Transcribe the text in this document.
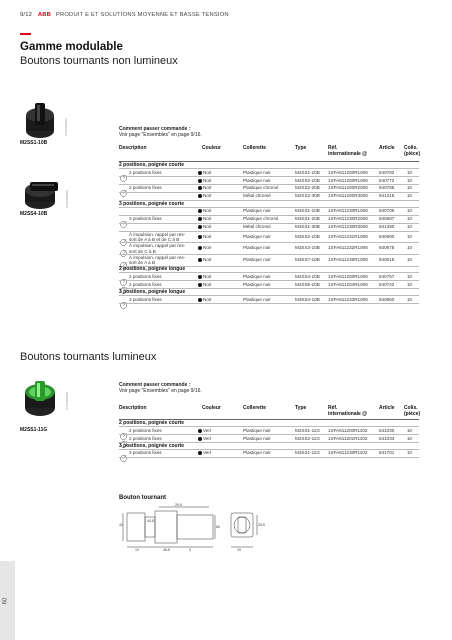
9/12 ABB PRODUIT E ET SOLUTIONS MOYENNE ET BASSE TENSION
Gamme modulable
Boutons tournants non lumineux
Comment passer commande :
Voir page "Ensembles" en page 9/16.
2CDC000000
M2SS1-10B
2CDC000000
M2SS4-10B
Description	Couleur	Collerette	Type	Réf.
internationale @
Article Colis.
(pièce)
2 positions, poignée courte
2 positions fixes	Noir	Plastique noir	M2SS1-10B 1SFA611200R1006 840782	10
Noir	Plastique noir	M2SS2-10B 1SFA611200R1006 840772	10
2 positions fixes	Noir	Plastique chromé	M2SS2-20B 1SFA611200R2006 840785	10
Noir	Métal chromé	M2SS2-30B 1SFA611200R3006 841315	10
3 positions, poignée courte
Noir	Plastique noir	M3SS1-10B 1SFA611230R1006 840705	10
3 positions fixes	Noir	Plastique chromé	M3SS1-20B 1SFA611230R2006 840687	10
Noir	Métal chromé	M3SS1-30B 1SFA611230R3006 841390	10
À impulsion, rappel par res-
sort de A à B et de C à B
Noir	Plastique noir	M3SS2-10B 1SFA611231R1006 840690	10
À impulsion, rappel par res-
sort de C à B
Noir	Plastique noir	M3SS3-10B 1SFA611232R1006 840675	10
À impulsion, rappel par res-
sort de A à B
Noir	Plastique noir	M3SS7-10B 1SFA611236R1006 840615	10
2 positions, poignée longue
2 positions fixes	Noir	Plastique noir	M2SS4-10B 1SFA611200R1006 840757	10
2 positions fixes	Noir	Plastique noir	M2SS5-10B 1SFA611204R1006 840742	10
3 positions, poignée longue
3 positions fixes	Noir	Plastique noir	M3SS4-10B 1SFA611233R1006 840660	10
Boutons tournants lumineux
Comment passer commande :
Voir page "Ensembles" en page 9/16.
2CDC000000
M2SS1-11G
Description	Couleur	Collerette	Type	Réf.
internationale @
Article Colis.
(pièce)
2 positions, poignée courte
2 positions fixes	Vert	Plastique noir	M2SS1-11G 1SFA611200R1102	841030	10
2 positions fixes	Vert	Plastique noir	M2SS2-11G 1SFA611201R1102	841033	10
3 positions, poignée courte
3 positions fixes	Vert	Plastique noir	M3SS1-11G 1SFA611230R1102	841701	10
Bouton tournant
29.5
41
44.5
10	46.5
60	29.5
19
3
60
